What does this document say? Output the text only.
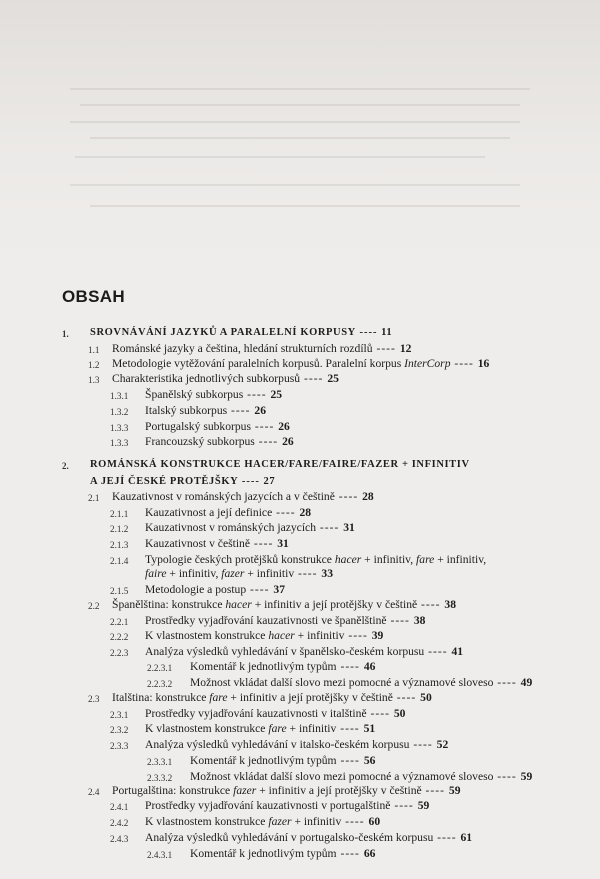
OBSAH
1. SROVNÁVÁNÍ JAZYKŮ A PARALELNÍ KORPUSY ---- 11
1.1 Románské jazyky a čeština, hledání strukturních rozdílů ---- 12
1.2 Metodologie vytěžování paralelních korpusů. Paralelní korpus InterCorp ---- 16
1.3 Charakteristika jednotlivých subkorpusů ---- 25
1.3.1 Španělský subkorpus ---- 25
1.3.2 Italský subkorpus ---- 26
1.3.3 Portugalský subkorpus ---- 26
1.3.3 Francouzský subkorpus ---- 26
2. ROMÁNSKÁ KONSTRUKCE HACER/FARE/FAIRE/FAZER + INFINITIV
A JEJÍ ČESKÉ PROTĚJŠKY ---- 27
2.1 Kauzativnost v románských jazycích a v češtině ---- 28
2.1.1 Kauzativnost a její definice ---- 28
2.1.2 Kauzativnost v románských jazycích ---- 31
2.1.3 Kauzativnost v češtině ---- 31
2.1.4 Typologie českých protějšků konstrukce hacer + infinitiv, fare + infinitiv,
faire + infinitiv, fazer + infinitiv ---- 33
2.1.5 Metodologie a postup ---- 37
2.2 Španělština: konstrukce hacer + infinitiv a její protějšky v češtině ---- 38
2.2.1 Prostředky vyjadřování kauzativnosti ve španělštině ---- 38
2.2.2 K vlastnostem konstrukce hacer + infinitiv ---- 39
2.2.3 Analýza výsledků vyhledávání v španělsko-českém korpusu ---- 41
2.2.3.1 Komentář k jednotlivým typům ---- 46
2.2.3.2 Možnost vkládat další slovo mezi pomocné a významové sloveso ---- 49
2.3 Italština: konstrukce fare + infinitiv a její protějšky v češtině ---- 50
2.3.1 Prostředky vyjadřování kauzativnosti v italštině ---- 50
2.3.2 K vlastnostem konstrukce fare + infinitiv ---- 51
2.3.3 Analýza výsledků vyhledávání v italsko-českém korpusu ---- 52
2.3.3.1 Komentář k jednotlivým typům ---- 56
2.3.3.2 Možnost vkládat další slovo mezi pomocné a významové sloveso ---- 59
2.4 Portugalština: konstrukce fazer + infinitiv a její protějšky v češtině ---- 59
2.4.1 Prostředky vyjadřování kauzativnosti v portugalštině ---- 59
2.4.2 K vlastnostem konstrukce fazer + infinitiv ---- 60
2.4.3 Analýza výsledků vyhledávání v portugalsko-českém korpusu ---- 61
2.4.3.1 Komentář k jednotlivým typům ---- 66
